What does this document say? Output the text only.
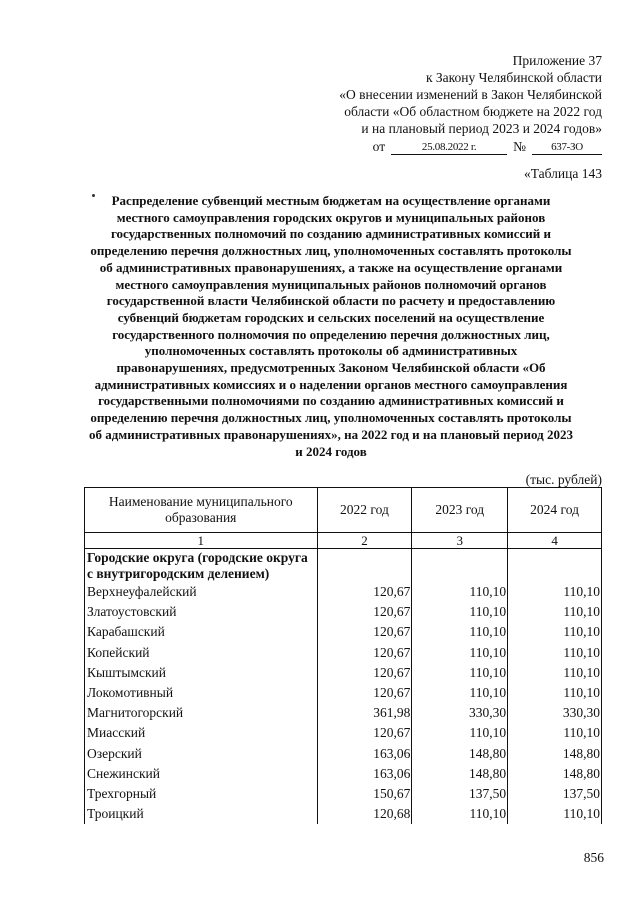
Приложение 37
к Закону Челябинской области
«О внесении изменений в Закон Челябинской
области «Об областном бюджете на 2022 год
и на плановый период 2023 и 2024 годов»
от	25.08.2022 г.	№	637-ЗО
«Таблица 143
Распределение субвенций местным бюджетам на осуществление органами местного самоуправления городских округов и муниципальных районов государственных полномочий по созданию административных комиссий и определению перечня должностных лиц, уполномоченных составлять протоколы об административных правонарушениях, а также на осуществление органами местного самоуправления муниципальных районов полномочий органов государственной власти Челябинской области по расчету и предоставлению субвенций бюджетам городских и сельских поселений на осуществление государственного полномочия по определению перечня должностных лиц, уполномоченных составлять протоколы об административных правонарушениях, предусмотренных Законом Челябинской области «Об административных комиссиях и о наделении органов местного самоуправления государственными полномочиями по созданию административных комиссий и определению перечня должностных лиц, уполномоченных составлять протоколы об административных правонарушениях», на 2022 год и на плановый период 2023 и 2024 годов
(тыс. рублей)
Наименование муниципального образования	2022 год	2023 год	2024 год
1	2	3	4
Городские округа (городские округа с внутригородским делением)			
Верхнеуфалейский	120,67	110,10	110,10
Златоустовский	120,67	110,10	110,10
Карабашский	120,67	110,10	110,10
Копейский	120,67	110,10	110,10
Кыштымский	120,67	110,10	110,10
Локомотивный	120,67	110,10	110,10
Магнитогорский	361,98	330,30	330,30
Миасский	120,67	110,10	110,10
Озерский	163,06	148,80	148,80
Снежинский	163,06	148,80	148,80
Трехгорный	150,67	137,50	137,50
Троицкий	120,68	110,10	110,10
856
